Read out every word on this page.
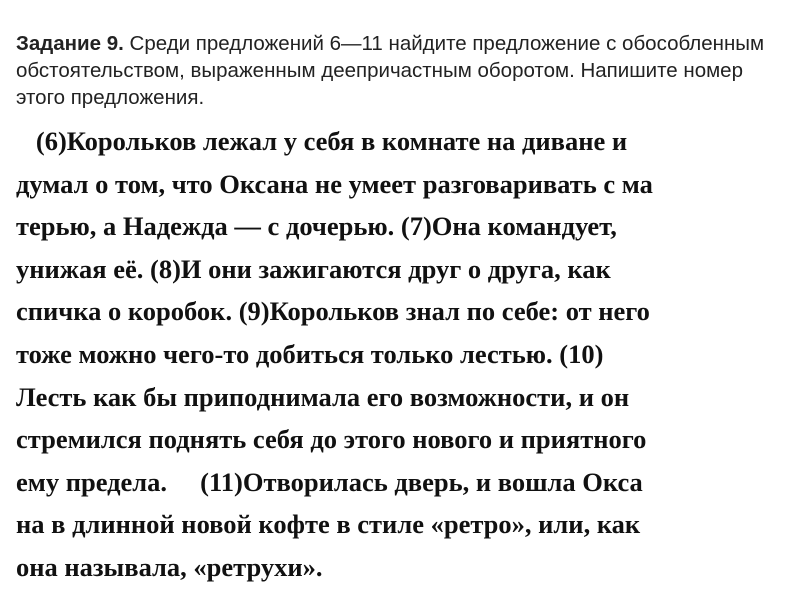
Задание 9. Среди предложений 6—11 найдите предложение с обособленным обстоятельством, выраженным деепричастным оборотом. Напишите номер этого предложения.
(6)Корольков лежал у себя в комнате на диване и
думал о том, что Оксана не умеет разговаривать с ма
терью, а Надежда — с дочерью. (7)Она командует,
унижая её. (8)И они зажигаются друг о друга, как
спичка о коробок. (9)Корольков знал по себе: от него
тоже можно чего-то добиться только лестью. (10)
Лесть как бы приподнимала его возможности, и он
стремился поднять себя до этого нового и приятного
ему предела.     (11)Отворилась дверь, и вошла Окса
на в длинной новой кофте в стиле «ретро», или, как
она называла, «ретрухи».
